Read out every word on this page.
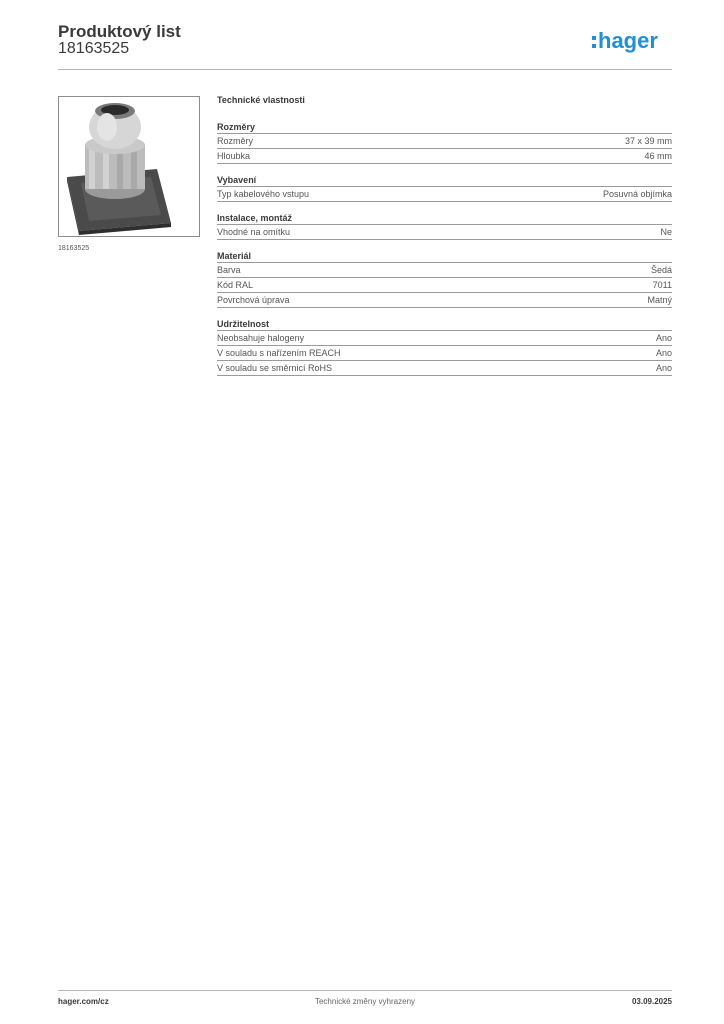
Produktový list
18163525	hager
18163525
Technické vlastnosti
Rozměry
Rozměry	37 x 39 mm
Hloubka	46 mm
Vybavení
Typ kabelového vstupu	Posuvná objímka
Instalace, montáž
Vhodné na omítku	Ne
Materiál
Barva	Šedá
Kód RAL	7011
Povrchová úprava	Matný
Udržitelnost
Neobsahuje halogeny	Ano
V souladu s nařízením REACH	Ano
V souladu se směrnicí RoHS	Ano
Technické změny vyhrazeny
hager.com/cz	03.09.2025
